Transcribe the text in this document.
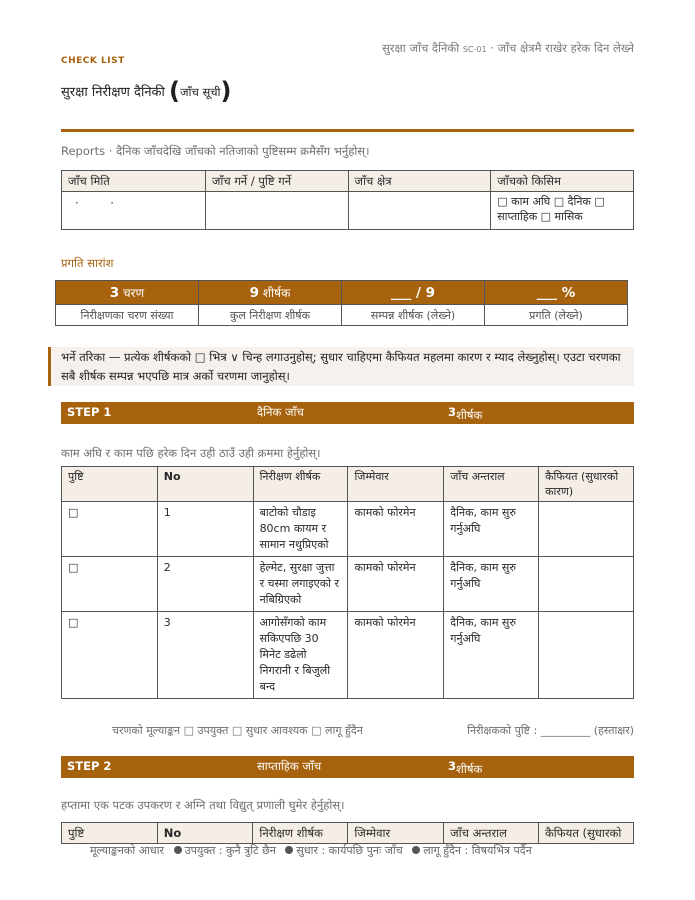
सुरक्षा जाँच दैनिकी SC-01 · जाँच क्षेत्रमै राखेर हरेक दिन लेख्ने
CHECK LIST
सुरक्षा निरीक्षण दैनिकी (जाँच सूची)
Reports · दैनिक जाँचदेखि जाँचको नतिजाको पुष्टिसम्म क्रमैसँग भर्नुहोस्।
जाँच मिति	जाँच गर्ने / पुष्टि गर्ने	जाँच क्षेत्र	जाँचको किसिम
· ·			□ काम अघि □ दैनिक □
साप्ताहिक □ मासिक
प्रगति सारांश
3 चरण	9 शीर्षक	___ / 9	___ %
निरीक्षणका चरण संख्या	कुल निरीक्षण शीर्षक	सम्पन्न शीर्षक (लेख्ने)	प्रगति (लेख्ने)
भर्ने तरिका — प्रत्येक शीर्षकको □ भित्र ∨ चिन्ह लगाउनुहोस्; सुधार चाहिएमा कैफियत महलमा कारण र म्याद लेख्नुहोस्। एउटा चरणका सबै शीर्षक सम्पन्न भएपछि मात्र अर्को चरणमा जानुहोस्।
STEP 1	दैनिक जाँच	3 शीर्षक
काम अघि र काम पछि हरेक दिन उही ठाउँ उही क्रममा हेर्नुहोस्।
पुष्टि	No	निरीक्षण शीर्षक	जिम्मेवार	जाँच अन्तराल	कैफियत (सुधारको कारण)
□	1	बाटोको चौडाइ 80cm कायम र सामान नथुप्रिएको	कामको फोरमेन	दैनिक, काम सुरु गर्नुअघि	
□	2	हेल्मेट, सुरक्षा जुत्ता र चस्मा लगाइएको र नबिग्रिएको	कामको फोरमेन	दैनिक, काम सुरु गर्नुअघि	
□	3	आगोसँगको काम सकिएपछि 30 मिनेट डढेलो निगरानी र बिजुली बन्द	कामको फोरमेन	दैनिक, काम सुरु गर्नुअघि	
चरणको मूल्याङ्कन □ उपयुक्त □ सुधार आवश्यक □ लागू हुँदैन	निरीक्षकको पुष्टि : _________ (हस्ताक्षर)
STEP 2	साप्ताहिक जाँच	3 शीर्षक
हप्तामा एक पटक उपकरण र अग्नि तथा विद्युत् प्रणाली घुमेर हेर्नुहोस्।
पुष्टि	No	निरीक्षण शीर्षक	जिम्मेवार	जाँच अन्तराल	कैफियत (सुधारको
मूल्याङ्कनको आधार उपयुक्त : कुनै त्रुटि छैन सुधार : कार्यपछि पुनः जाँच लागू हुँदैन : विषयभित्र पर्दैन
